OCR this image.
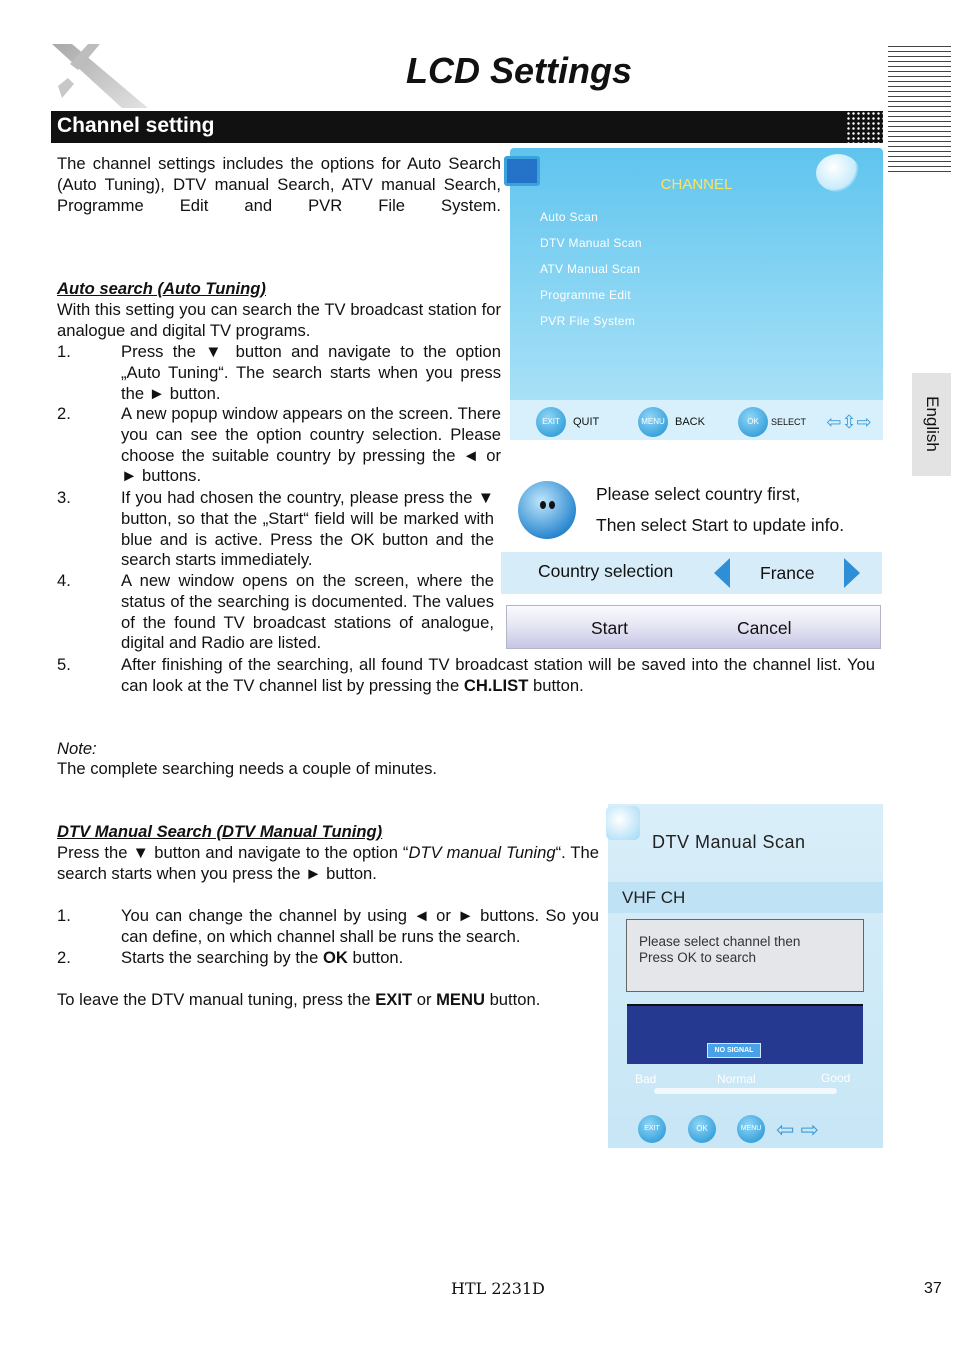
LCD Settings
Channel setting
English
The channel settings includes the options for Auto Search (Auto Tuning), DTV manual Search, ATV manual Search, Programme Edit and PVR File System.
Auto search (Auto Tuning)
With this setting you can search the TV broadcast station for analogue and digital TV programs.
1.	Press the ▼ button and navigate to the option „Auto Tuning“. The search starts when you press the ► button.
2.	A new popup window appears on the screen. There you can see the option country selection. Please choose the suitable country by pressing the ◄ or ► buttons.
3.	If you had chosen the country, please press the ▼ button, so that the „Start“ field will be marked with blue and is active. Press the OK button and the search starts immediately.
4.	A new window opens on the screen, where the status of the searching is documented. The values of the found TV broadcast stations of analogue, digital and Radio are listed.
5.	After finishing of the searching, all found TV broadcast station will be saved into the channel list. You can look at the TV channel list by pressing the CH.LIST button.
Note:
The complete searching needs a couple of minutes.
DTV Manual Search (DTV Manual Tuning)
Press the ▼ button and navigate to the option “DTV manual Tuning“. The search starts when you press the ► button.
1.	You can change the channel by using ◄ or ► buttons. So you can define, on which channel shall be runs the search.
2.	Starts the searching by the OK button.
To leave the DTV manual tuning, press the EXIT or MENU button.
CHANNEL
Auto Scan
DTV Manual Scan
ATV Manual Scan
Programme Edit
PVR File System
EXIT	QUIT	MENU BACK	OK	SELECT ⇦⇳⇨
Please select country first,
Then select Start to update info.
Country selection	France
Start	Cancel
DTV Manual Scan
VHF CH
Please select channel then
Press OK to search
NO SIGNAL
Bad	Normal	Good
EXIT	OK	MENU ⇦ ⇨
HTL 2231D	37
